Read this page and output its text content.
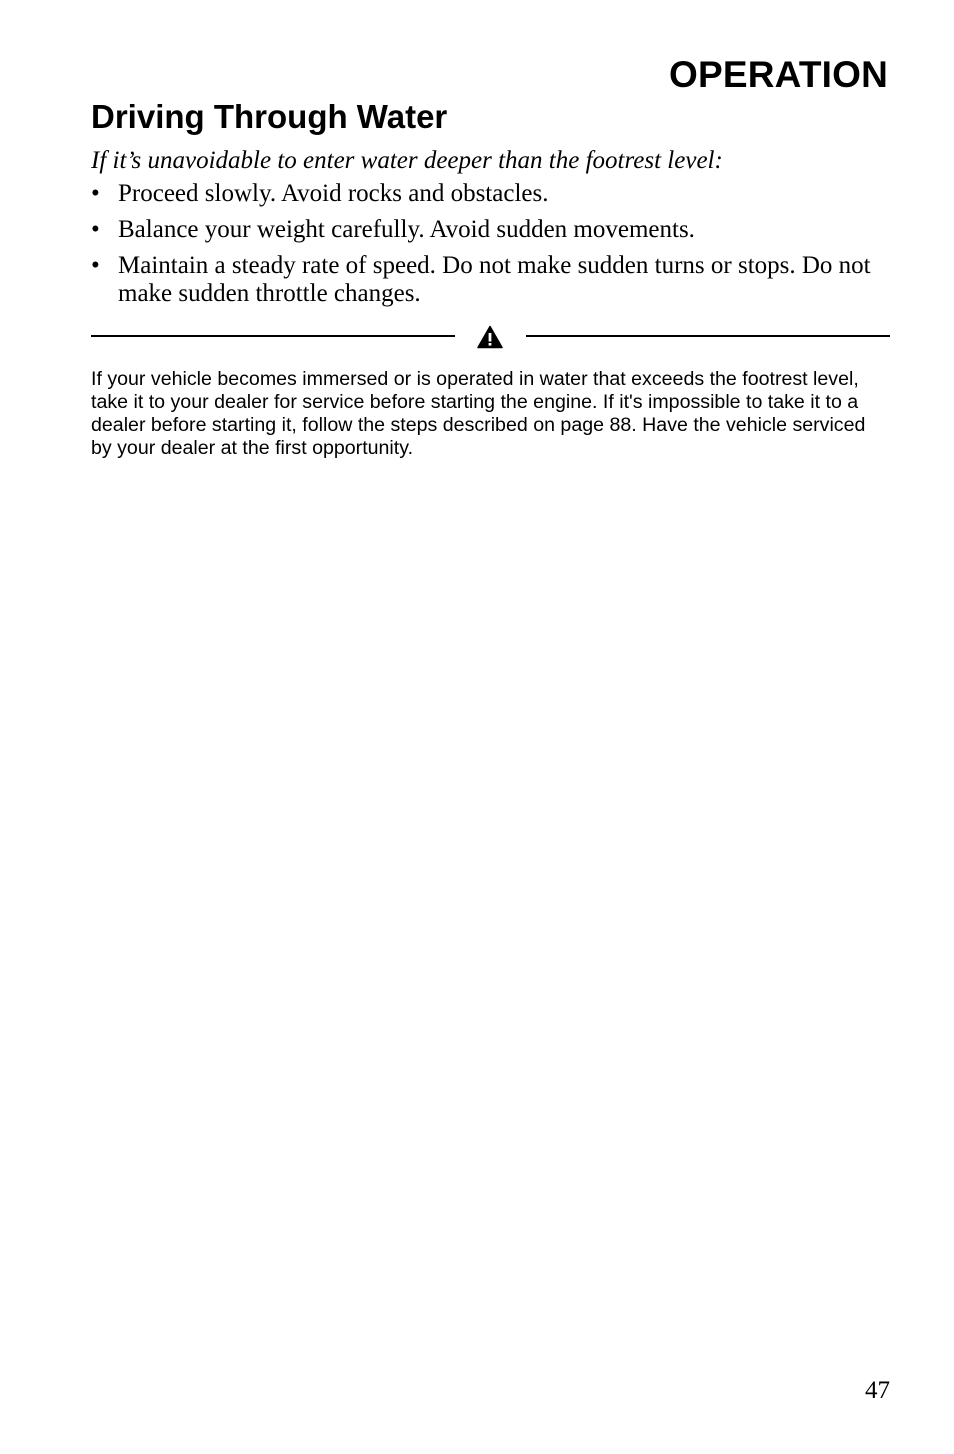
OPERATION
Driving Through Water

If it’s unavoidable to enter water deeper than the footrest level:

• Proceed slowly. Avoid rocks and obstacles.
• Balance your weight carefully. Avoid sudden movements.
• Maintain a steady rate of speed. Do not make sudden turns or stops. Do not make sudden throttle changes.

If your vehicle becomes immersed or is operated in water that exceeds the footrest level, take it to your dealer for service before starting the engine. If it's impossible to take it to a dealer before starting it, follow the steps described on page 88. Have the vehicle serviced by your dealer at the first opportunity.

47
